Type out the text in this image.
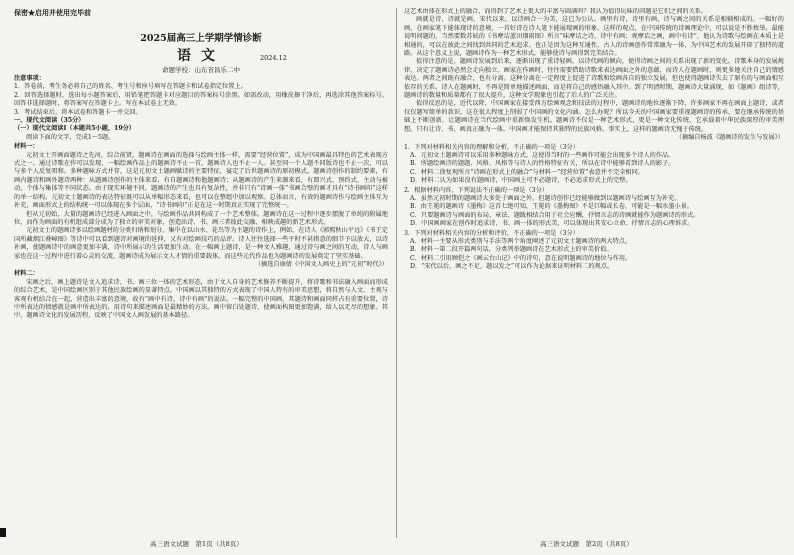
保密★启用并使用完毕前
2025届高三上学期学情诊断
语文	2024.12
命题学校：山东省昌乐二中
注意事项：
1．答卷前，考生务必将自己的姓名、考生号和座号填写在答题卡和试卷指定位置上。
2．回答选择题时，选出每小题答案后，用铅笔把答题卡对应题目的答案标号涂黑。如需改动，用橡皮擦干净后，再选涂其他答案标号。回答非选择题时，将答案写在答题卡上。写在本试卷上无效。
3．考试结束后，将本试卷和答题卡一并交回。
一、现代文阅读（35分）
（一）现代文阅读Ⅰ（本题共5小题，19分）
阅读下面的文字，完成1～5题。
材料一：
元初文士开画面题诗之先河，综合前贤，题画诗在画面的选择与绘画主体一样，需要“经营位置”，成为中国画最具特色的艺术表现方式之一。通过诗歌在作可以发现，一幅绘画作品上的题画诗不止一首，题画诗人也不止一人。甚至同一个人题不同版诗也不止一次，可以与多个人反复唱和。多种题咏方式并存，这是元初文士题画赋诗的主要特征，宴定了后世题画诗的原初模式。题画诗创作的制约要素，有画内题诗和画外题诗两种：从题画诗创作的主体来看，有自题画诗和他题画诗；从题画诗的产生来源来看，有即兴式、预约式、主动与被动、个体与集体等不同状态。由于现实环境不同，题画诗的产生也具有复杂性，并非只有“诗画一体”书画合璧的画才具有“诗书画印”这样的单一结构。元初文士题画诗的表达特征既可以从单幅形态来看，也可以在整组中加以观察。总体而言，有效的题画诗作与绘画主体互为补充，画面形式上的结构统一可以体现在多个层面，“诗书画印”正是在这一时期真正实现了完整统一。
但从元初始，大量的题画诗已经进入画面之中，与绘画作品共同构成了一个艺术整体。题画诗在这一过程中逐步摆脱了单纯的附属地位，而作为画面的有机组成部分成为了独立的审美对象，创造出诗、书、画三者彼此交融、相映成趣的新艺术形式。
元初文士的题画诗多以绘画题材的分类归纳和划分，集中在以山水、花鸟等为主题的诗作上，例如，在诗人《郭熙秋山平远》《书王定国所藏烟江叠嶂图》等诗中可以看到题诗对画境的延伸，又有对绘画技巧的品评。诗人往往选择一些平时不甚措意的细节予以放大，以诗补画，使题画诗中的画意更加丰满，诗中所展示的生活更加生动。在一幅画上题诗，是一种文人雅趣，通过诗与画之间的互动，诗人与画家也在这一过程中进行着心灵的交流，题画诗成为展示文人才情的重要载体，而这些元代作品也为题画诗的发展奠定了坚实基础。
（摘选自康倩《中国文人画史上的“元初”时代》）
材料二：
宋画之后，画上题诗是文人追求诗、书、画三位一体的艺术形态，由于文人自身的艺术修养不断提升，将诗歌和书法融入画面而形成的综合艺术，是中国绘画区别于其他民族绘画的显著特点。中国画以其独特的方式表现了中国人特有的审美思想，将自然与人文、主观与客观有机结合在一起，营造出丰富的意境，故有“画中有诗，诗中有画”的说法。一幅完整的中国画，其题诗和画面同样占有重要位置，诗中所表达的情感就是画中所表达的，用诗句来描述画面是最精妙的方法。画中留白处题诗，使画面构图更加饱满，给人以无尽的想象。其中，题画诗文化的发展历程，反映了中国文人画发展的基本路径。
这艺术由体在形式上的融合，而得到了艺术上更大的丰富与圆满吗？我认为值得玩味的问题是它们之间的关系。
画就是诗，诗就是画，宋代以来，以诗画合一为美，这已为公认。画里有诗，诗里有画，诗与画之间的关系是相辅相成的。一幅好的画，在画家笔下能体现诗的意境，一首好诗在诗人笔下能展现画的形象。这样的观点，在中国传统的诗画理论中，可以说是不胜枚举。最能说明问题的，当然要数苏轼的《书摩诘蓝田烟雨图》所言“味摩诘之诗，诗中有画；观摩诘之画，画中有诗”，他认为诗歌与绘画在本质上是相通的，可以在彼此之间找到共同的艺术追求。也正是因为这种互通性，古人的诗画创作常常融为一体，为中国艺术的发展开辟了独特的道路。从这个意义上说，题画诗作为一种艺术形式，能够使诗与画得到完美结合。
值得注意的是，题画诗发展到后来，逐渐出现了重诗轻画、以诗代画的倾向，使得诗画之间的关系出现了新的变化。诗歌本身的发展规律，决定了题画诗必然会走向独立。画家在作画时，往往需要借助诗歌来表达画面之外的意蕴，而诗人在题画时，则更多地关注自己的情感表达。两者之间既有融合，也有分离。这种分离在一定程度上促进了诗歌和绘画各自的独立发展，但也使得题画诗失去了原有的与画面相互依存的关系。诗人在题画时，不再是简单地描述画面，而是将自己的感悟融入其中。到了明清时期，题画诗大量涌现，如《题画》组诗等，题画诗的数量和质量都有了很大提升，这种文学现象也引起了后人的广泛关注。
值得反思的是，近代以降，中国画家在接受西方绘画观念和技法的过程中，题画诗的地位逐渐下降，许多画家不再在画面上题诗，或者仅仅题写简单的款识，这在很大程度上削弱了中国画的文化内涵。怎么办呢？所以今天的中国画家要重视题画诗的传承，要在继承传统的基础上不断创新，让题画诗在当代绘画中重新焕发生机。题画诗不仅是一种艺术形式，更是一种文化传统，它承载着中华民族深厚的审美理想。只有让诗、书、画真正融为一体，中国画才能保持其独特的民族风格。事实上，这样的题画诗无愧于传统。
（摘编自杨波《题画诗的发生与发展》）
1．下列对材料相关内容的理解和分析，不正确的一项是（3分）
A．元初文士题画诗可以采用多种题咏方式，这使得当时的一些画作可能会出现多个诗人的作品。
B．所题绘画诗的题题、风格、风格等与诗人的性格特征有关，所以在诗中能够看到诗人的影子。
C．材料二徐复观所言“诗画在形式上的融合”与材料一“经营位置”表意并不完全相同。
D．材料二认为如果没有题画诗，中国画上可不必题诗，不必追求形式上的完整。
2．根据材料内容，下列说法不正确的一项是（3分）
A．虽然元初时期的题画诗大多处于画面之外，但题诗创作已经能够做到以题画诗与绘画互为补充。
B．由王冕的题画诗《墨梅》这首七绝可知，王冕的《墨梅图》不是巨幅或长卷，可能是一幅水墨小景。
C．只要题画诗与画面的布局、章法、题跋相结合用于社会应酬，抒情言志的诗画就能作为题画诗的形式。
D．中国画画家在创作时追求诗、书、画一体的形式美，可以体现出其安心立命、抒情言志的心理诉求。
3．下列对材料相关内容的分析和评价，不正确的一项是（3分）
A．材料一主要从形式类别与手法等两个角度阐述了元初文士题画诗的两大特点。
B．材料一第二段开篇两句话，分类列举题画诗在艺术形式上的审美价值。
C．材料二引用顾恺之《画云台山记》中的诗句，意在说明题画诗的地位与作用。
D．“宋代以后，画之不足，题以发之”可以作为论据来证明材料二的观点。
高三语文试题　第1页（共8页）	高三语文试题　第2页（共8页）
